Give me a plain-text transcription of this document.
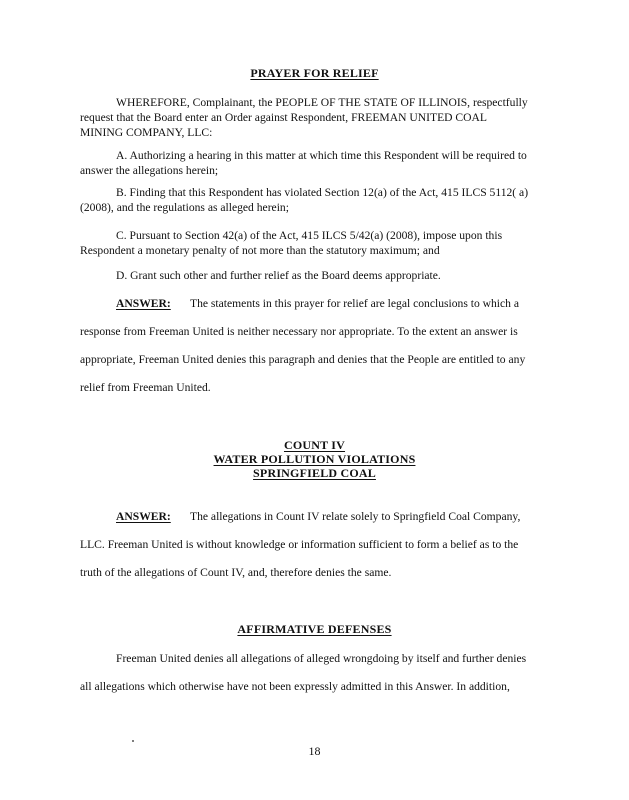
PRAYER FOR RELIEF
WHEREFORE, Complainant, the PEOPLE OF THE STATE OF ILLINOIS, respectfully
request that the Board enter an Order against Respondent, FREEMAN UNITED COAL
MINING COMPANY, LLC:
A. Authorizing a hearing in this matter at which time this Respondent will be required to
answer the allegations herein;
B. Finding that this Respondent has violated Section 12(a) of the Act, 415 ILCS 5112( a)
(2008), and the regulations as alleged herein;
C. Pursuant to Section 42(a) of the Act, 415 ILCS 5/42(a) (2008), impose upon this
Respondent a monetary penalty of not more than the statutory maximum; and
D. Grant such other and further relief as the Board deems appropriate.
ANSWER: The statements in this prayer for relief are legal conclusions to which a
response from Freeman United is neither necessary nor appropriate. To the extent an answer is
appropriate, Freeman United denies this paragraph and denies that the People are entitled to any
relief from Freeman United.
COUNT IV
WATER POLLUTION VIOLATIONS
SPRINGFIELD COAL
ANSWER: The allegations in Count IV relate solely to Springfield Coal Company,
LLC. Freeman United is without knowledge or information sufficient to form a belief as to the
truth of the allegations of Count IV, and, therefore denies the same.
AFFIRMATIVE DEFENSES
Freeman United denies all allegations of alleged wrongdoing by itself and further denies
all allegations which otherwise have not been expressly admitted in this Answer. In addition,
18
